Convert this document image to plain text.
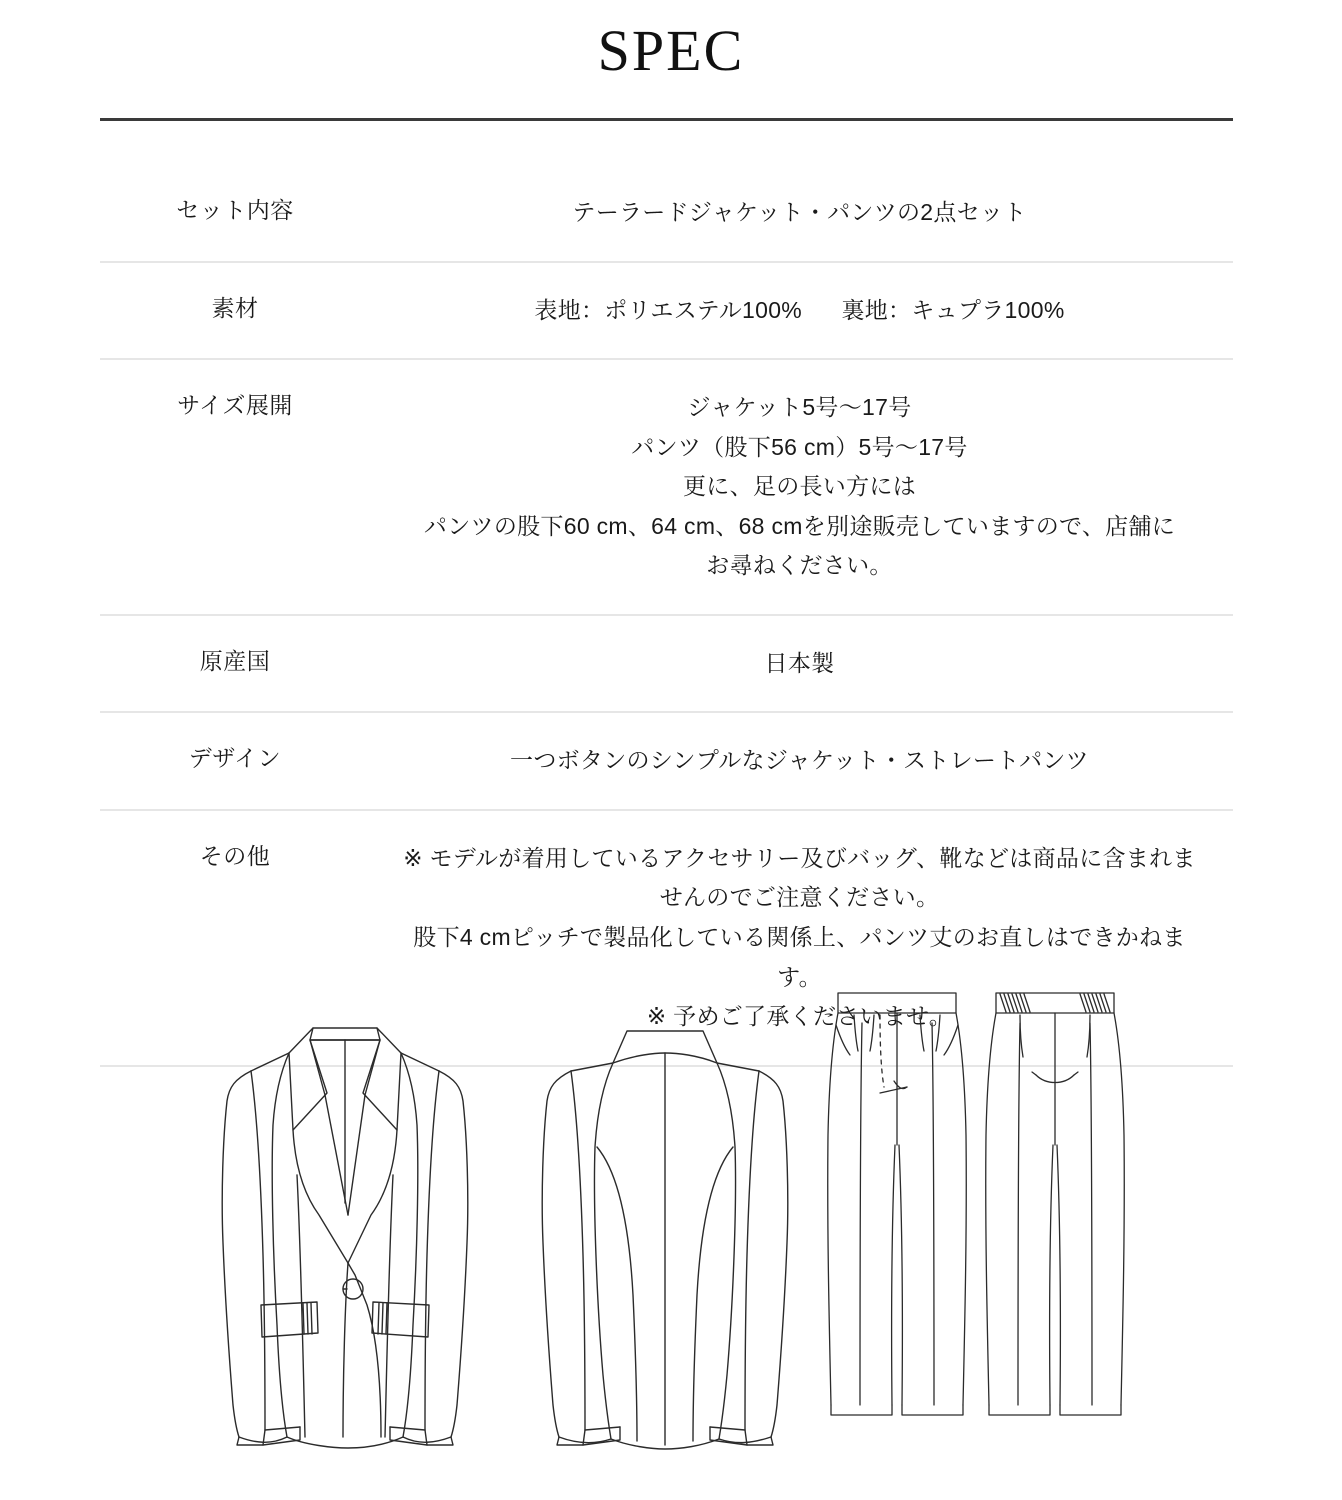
SPEC
セット内容	テーラードジャケット・パンツの2点セット
素材	表地：ポリエステル100% 裏地：キュプラ100%
サイズ展開	ジャケット5号〜17号
パンツ（股下56 cm）5号〜17号
更に、足の長い方には
パンツの股下60 cm、64 cm、68 cmを別途販売していますので、店舗に
お尋ねください。
原産国	日本製
デザイン	一つボタンのシンプルなジャケット・ストレートパンツ
その他	※ モデルが着用しているアクセサリー及びバッグ、靴などは商品に含まれま
せんのでご注意ください。
股下4 cmピッチで製品化している関係上、パンツ丈のお直しはできかねま
す。
※ 予めご了承くださいませ。
